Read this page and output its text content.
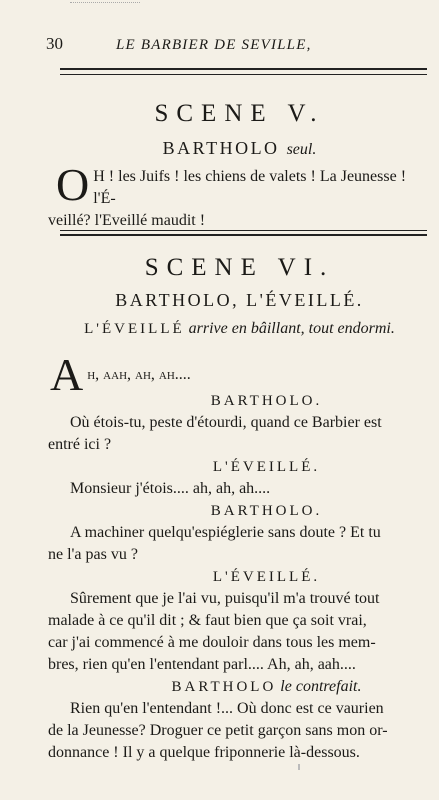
30	LE BARBIER DE SEVILLE,
SCENE V.
BARTHOLO seul.
O H ! les Juifs ! les chiens de valets ! La Jeunesse ! l'É-
veillé? l'Eveillé maudit !
SCENE VI.
BARTHOLO, L'ÉVEILLÉ.
L'ÉVEILLÉ arrive en bâillant, tout endormi.
A h, aah, ah, ah....
BARTHOLO.
Où étois-tu, peste d'étourdi, quand ce Barbier est
entré ici ?
L'ÉVEILLÉ.
Monsieur j'étois.... ah, ah, ah....
BARTHOLO.
A machiner quelqu'espiéglerie sans doute ? Et tu
ne l'a pas vu ?
L'ÉVEILLÉ.
Sûrement que je l'ai vu, puisqu'il m'a trouvé tout
malade à ce qu'il dit ; & faut bien que ça soit vrai,
car j'ai commencé à me douloir dans tous les mem-
bres, rien qu'en l'entendant parl.... Ah, ah, aah....
BARTHOLO le contrefait.
Rien qu'en l'entendant !... Où donc est ce vaurien
de la Jeunesse? Droguer ce petit garçon sans mon or-
donnance ! Il y a quelque friponnerie là-dessous.
